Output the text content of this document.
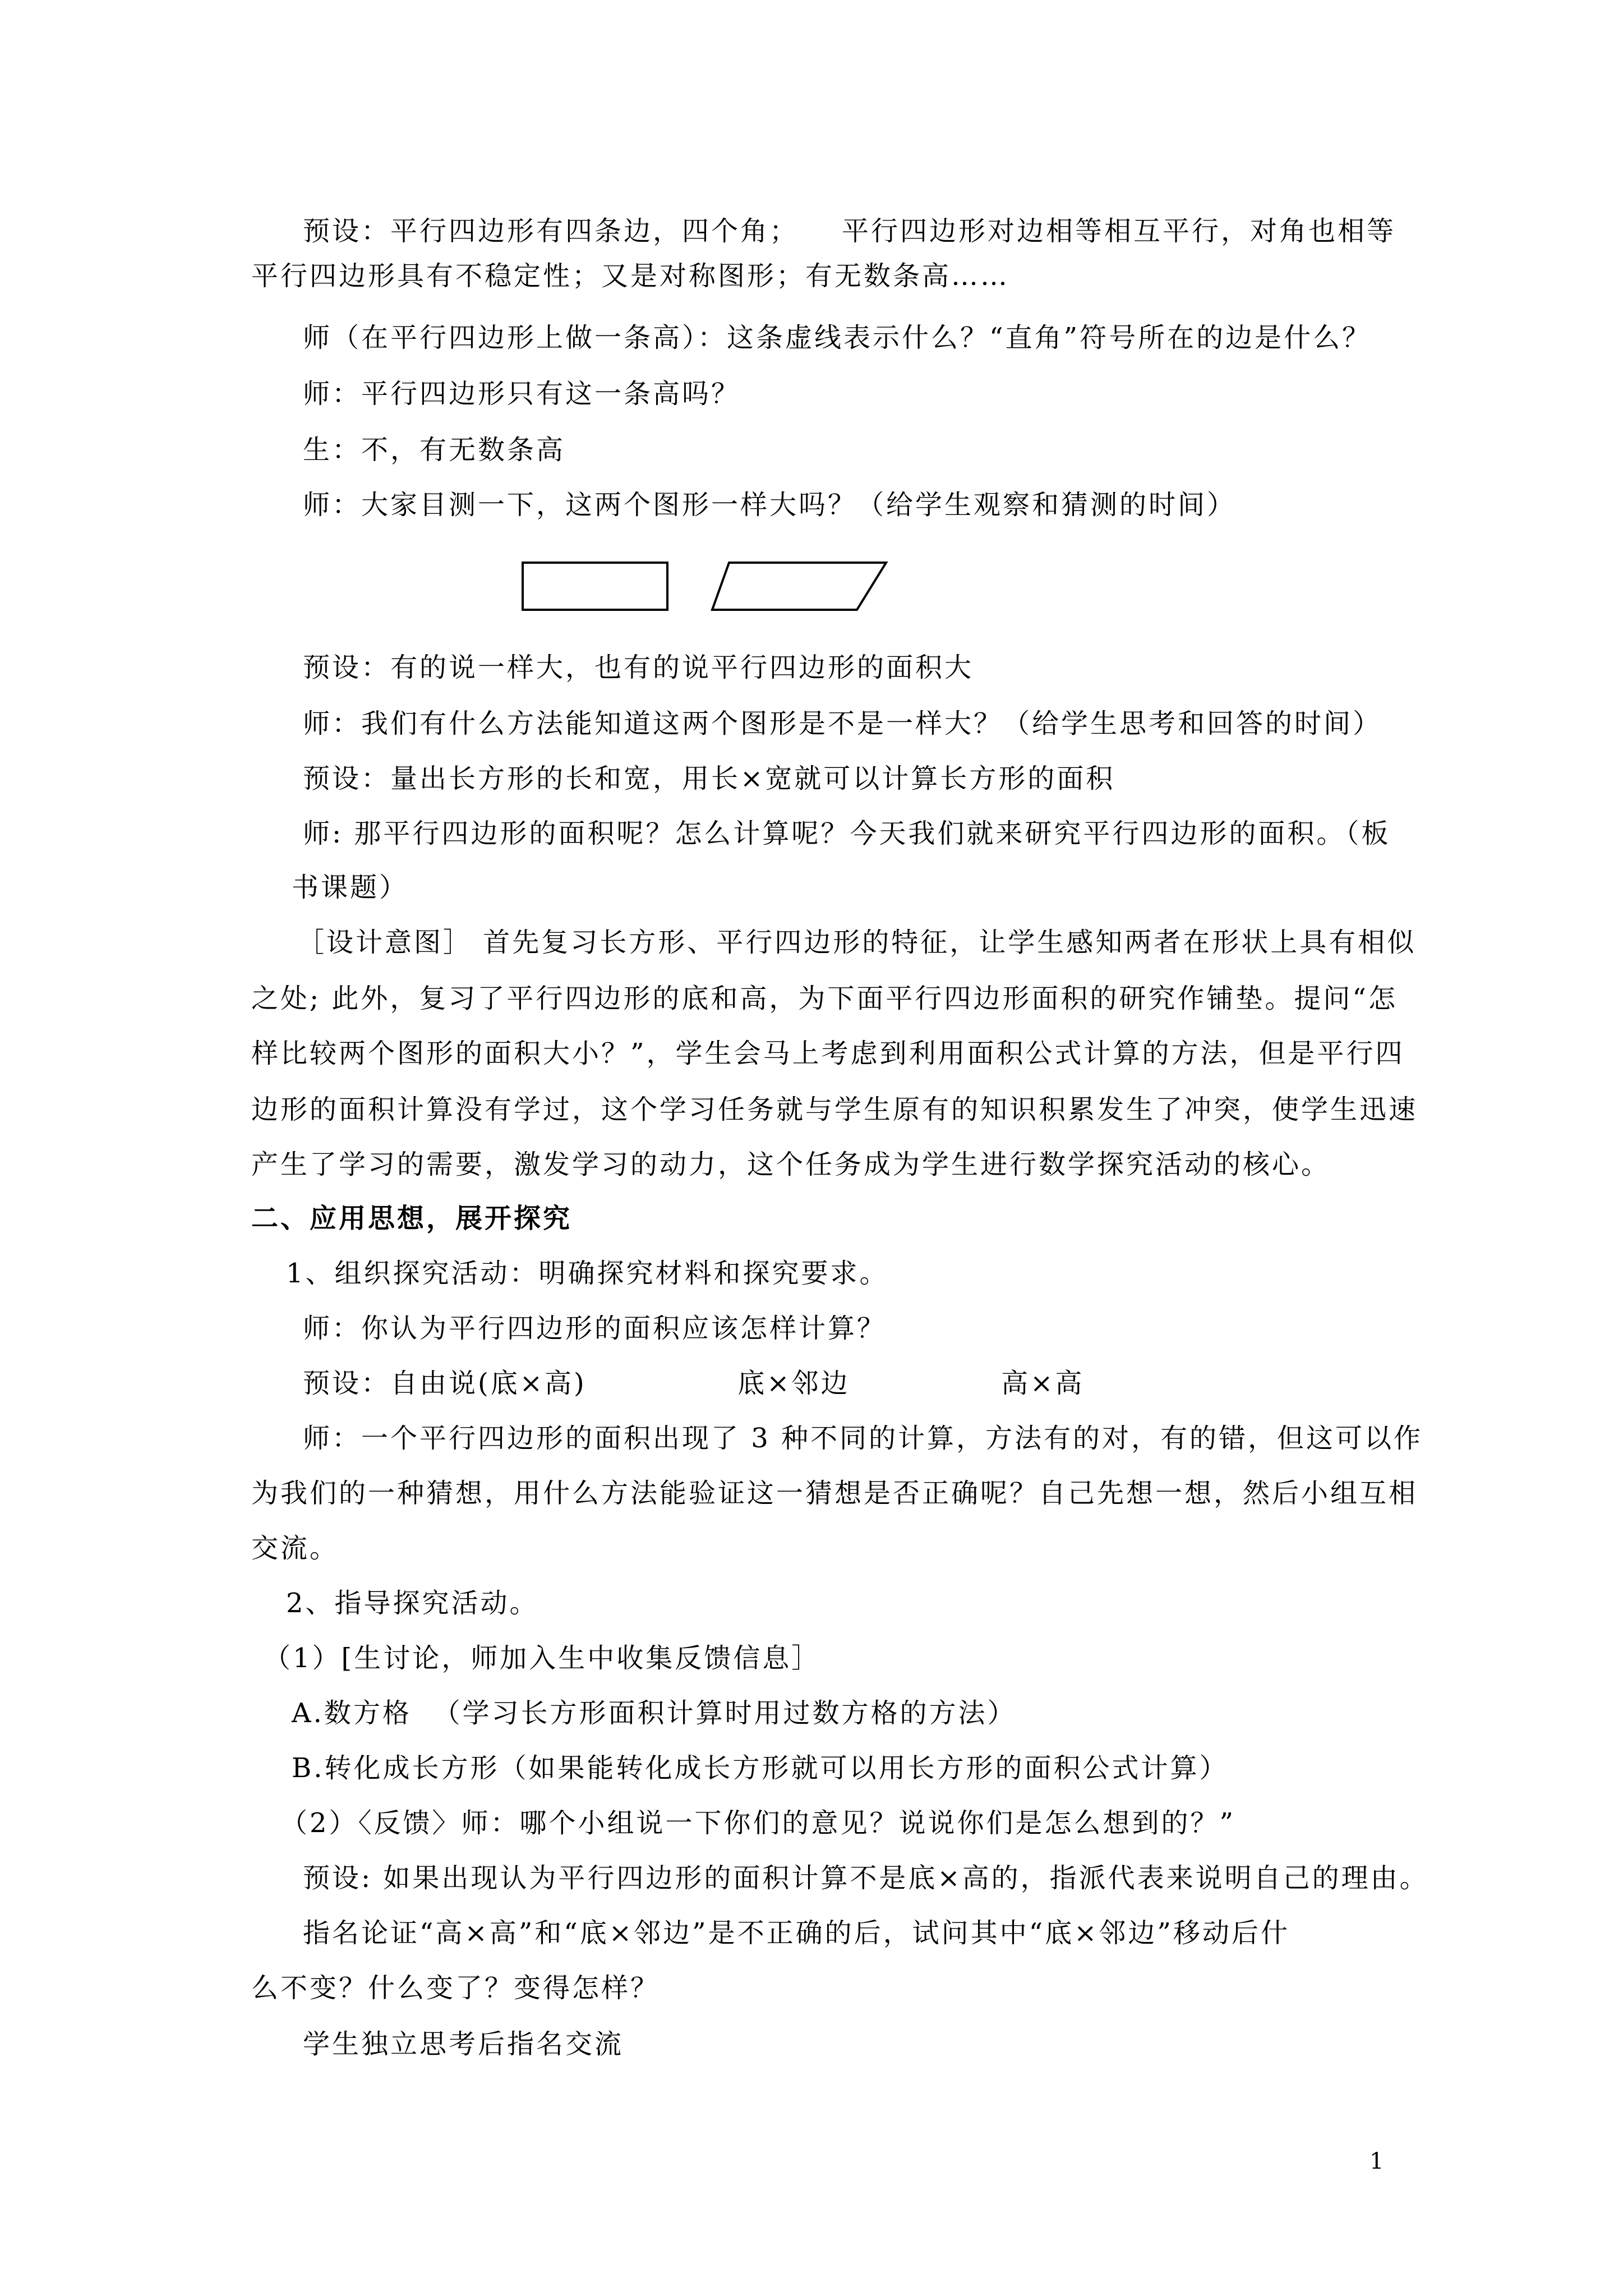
预设：平行四边形有四条边，四个角；    平行四边形对边相等相互平行，对角也相等
平行四边形具有不稳定性；又是对称图形；有无数条高……
师（在平行四边形上做一条高）：这条虚线表示什么？“直角”符号所在的边是什么？
师：平行四边形只有这一条高吗？
生：不，有无数条高
师：大家目测一下，这两个图形一样大吗？（给学生观察和猜测的时间）
预设：有的说一样大，也有的说平行四边形的面积大
师：我们有什么方法能知道这两个图形是不是一样大？（给学生思考和回答的时间）
预设：量出长方形的长和宽，用长×宽就可以计算长方形的面积
师: 那平行四边形的面积呢？怎么计算呢？今天我们就来研究平行四边形的面积。（板
书课题）
［设计意图］ 首先复习长方形、平行四边形的特征，让学生感知两者在形状上具有相似
之处; 此外，复习了平行四边形的底和高，为下面平行四边形面积的研究作铺垫。提问“怎
样比较两个图形的面积大小？”，学生会马上考虑到利用面积公式计算的方法，但是平行四
边形的面积计算没有学过，这个学习任务就与学生原有的知识积累发生了冲突，使学生迅速
产生了学习的需要，激发学习的动力，这个任务成为学生进行数学探究活动的核心。
二、应用思想，展开探究
1、组织探究活动：明确探究材料和探究要求。
师：你认为平行四边形的面积应该怎样计算？
预设：自由说(底×高)              底×邻边              高×高
师：一个平行四边形的面积出现了 3 种不同的计算，方法有的对，有的错，但这可以作
为我们的一种猜想，用什么方法能验证这一猜想是否正确呢？自己先想一想，然后小组互相
交流。
2、指导探究活动。
（1）[生讨论，师加入生中收集反馈信息］
A.数方格  （学习长方形面积计算时用过数方格的方法）
B.转化成长方形（如果能转化成长方形就可以用长方形的面积公式计算）
（2）〈反馈〉师：哪个小组说一下你们的意见？说说你们是怎么想到的？”
预设: 如果出现认为平行四边形的面积计算不是底×高的，指派代表来说明自己的理由。
指名论证“高×高”和“底×邻边”是不正确的后，试问其中“底×邻边”移动后什
么不变？什么变了？变得怎样？
学生独立思考后指名交流
1
